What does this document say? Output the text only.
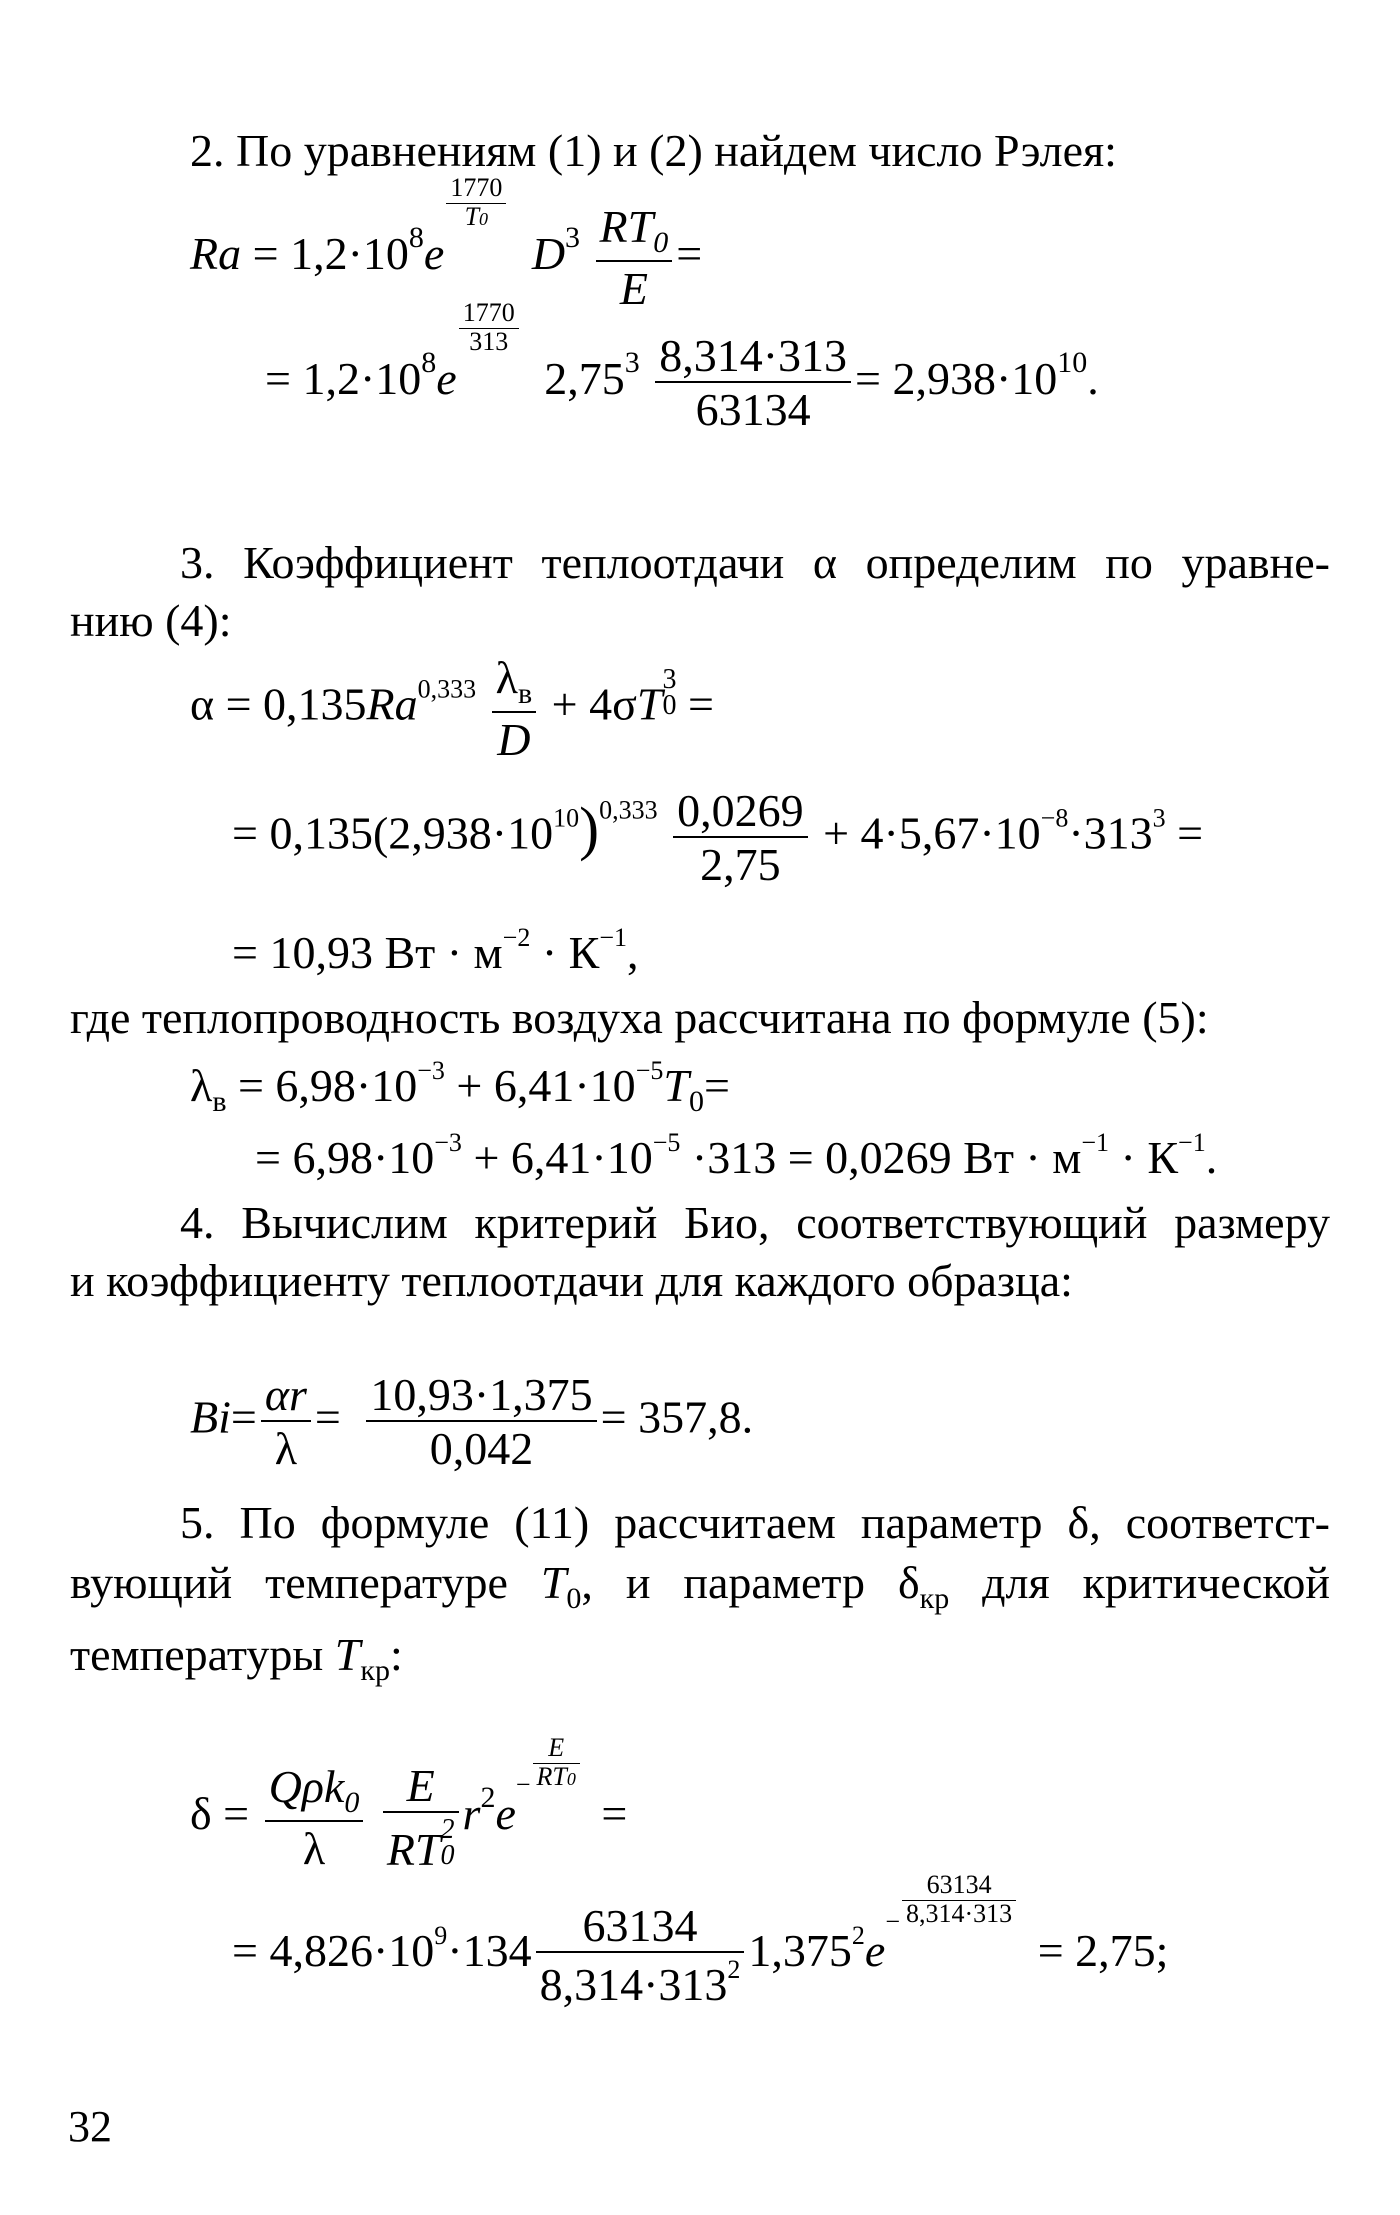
2. По уравнениям (1) и (2) найдем число Рэлея:
$Ra = 1,2\cdot 10^8e$
$\frac{1770}{T0}$
$D^3 \frac{RT_0}{E}$ =
= $1,2\cdot 10^8e$
$\frac{1770}{313}$
$2,75^3 \frac{8,314\cdot 313}{63134} = 2,938\cdot 10^{10}$.
3. Коэффициент теплоотдачи α определим по уравне-
нию (4):
$\alpha = 0,135Ra^{0,333} \frac{\lambda_в}{D} + 4\sigma T$ 3
0 =
= $0,135(2,938\cdot 10^{10})^{0,333} \frac{0,0269}{2,75} + 4\cdot 5,67\cdot 10^{-8}\cdot 313^3$ =
= 10,93 Вт · $м^{-2} \cdot К^{-1}$,
где теплопроводность воздуха рассчитана по формуле (5):
$\lambda_в = 6,98\cdot 10^{-3} + 6,41\cdot 10^{-5}T_0=$
= $6,98\cdot 10^{-3} + 6,41\cdot 10^{-5} \cdot 313 = 0,0269$ Вт · $м^{-1} \cdot К^{-1}$.
4. Вычислим критерий Био, соответствующий размеру
и коэффициенту теплоотдачи для каждого образца:
$Bi= \frac{\alpha r}{\lambda} = \frac{10,93\cdot 1,375}{0,042} = 357,8$.
5. По формуле (11) рассчитаем параметр δ, соответст-
вующий температуре $T_0$, и параметр $\delta_{кр}$ для критической
температуры $T_{кр}$:
$\delta = \frac{Q\rho k_0}{\lambda}$
E
RT 2
0 $r^2e^- \frac{E}{RT0}$
=
= $4,826\cdot 10^9\cdot 134 \frac{63134}{8,314\cdot 313^2} 1,375^2e^- \frac{63134}{8,314\cdot 313}$
= 2,75;
32
